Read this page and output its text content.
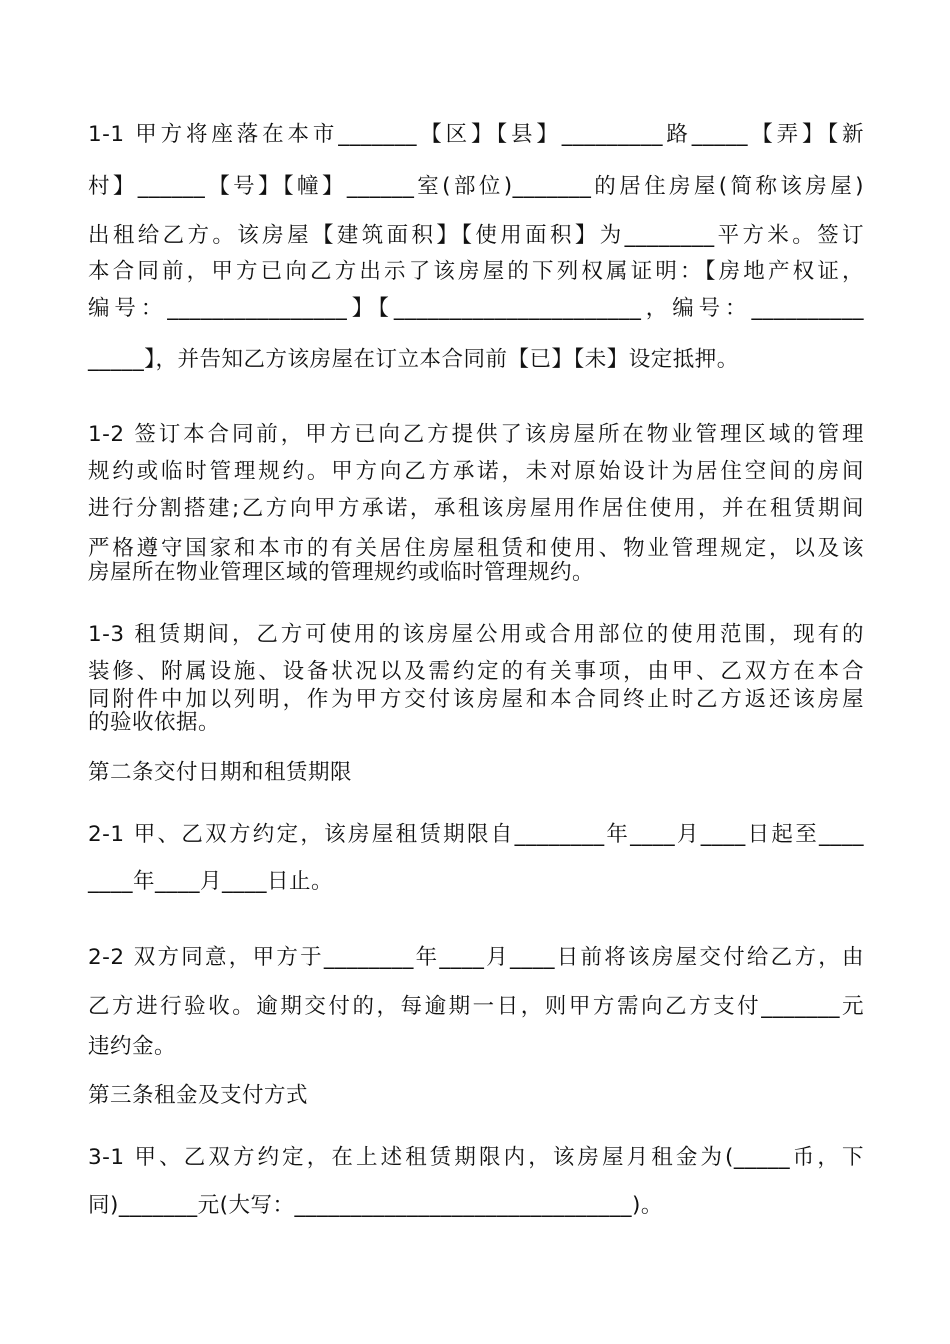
1-1 甲方将座落在本市_______【区】【县】_________路_____【弄】【新
村】______【号】【幢】______室(部位)_______的居住房屋(简称该房屋)
出租给乙方。该房屋【建筑面积】【使用面积】为________平方米。签订
本合同前，甲方已向乙方出示了该房屋的下列权属证明：【房地产权证，
编号：________________】【______________________，编号：__________
_____】，并告知乙方该房屋在订立本合同前【已】【未】设定抵押。
1-2 签订本合同前，甲方已向乙方提供了该房屋所在物业管理区域的管理
规约或临时管理规约。甲方向乙方承诺，未对原始设计为居住空间的房间
进行分割搭建;乙方向甲方承诺，承租该房屋用作居住使用，并在租赁期间
严格遵守国家和本市的有关居住房屋租赁和使用、物业管理规定，以及该
房屋所在物业管理区域的管理规约或临时管理规约。
1-3 租赁期间，乙方可使用的该房屋公用或合用部位的使用范围，现有的
装修、附属设施、设备状况以及需约定的有关事项，由甲、乙双方在本合
同附件中加以列明，作为甲方交付该房屋和本合同终止时乙方返还该房屋
的验收依据。
第二条交付日期和租赁期限
2-1 甲、乙双方约定，该房屋租赁期限自________年____月____日起至____
____年____月____日止。
2-2 双方同意，甲方于________年____月____日前将该房屋交付给乙方，由
乙方进行验收。逾期交付的，每逾期一日，则甲方需向乙方支付_______元
违约金。
第三条租金及支付方式
3-1 甲、乙双方约定，在上述租赁期限内，该房屋月租金为(_____币，下
同)_______元(大写：______________________________)。
